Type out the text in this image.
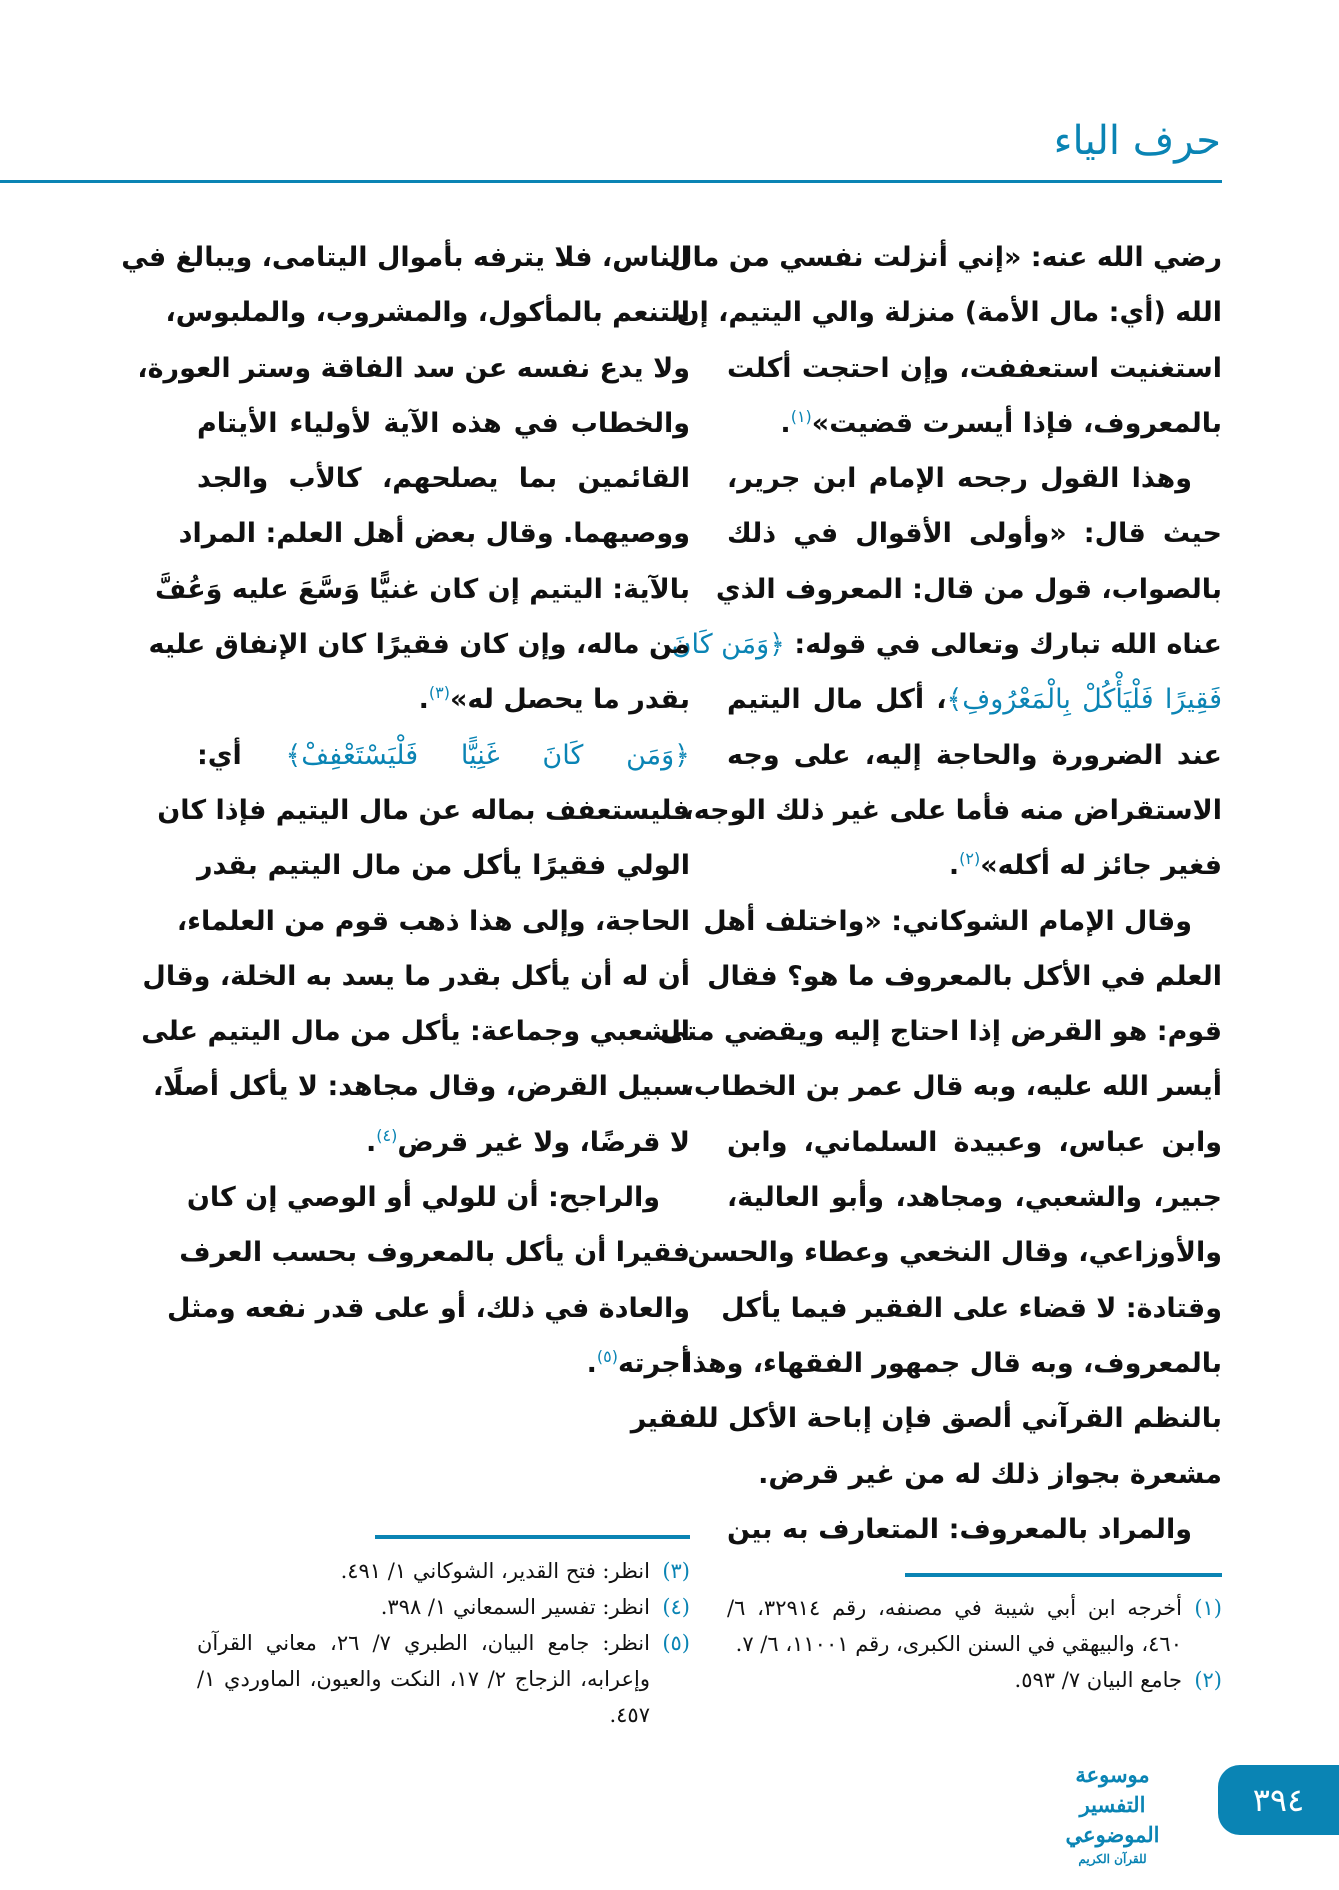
حرف الياء
رضي الله عنه: «إني أنزلت نفسي من مال
الله (أي: مال الأمة) منزلة والي اليتيم، إن
استغنيت استعففت، وإن احتجت أكلت
بالمعروف، فإذا أيسرت قضيت»$^{(١)}$.
وهذا القول رجحه الإمام ابن جرير،
حيث قال: «وأولى الأقوال في ذلك
بالصواب، قول من قال: المعروف الذي
عناه الله تبارك وتعالى في قوله: ﴿وَمَن كَانَ
فَقِيرًا فَلْيَأْكُلْ بِالْمَعْرُوفِ﴾، أكل مال اليتيم
عند الضرورة والحاجة إليه، على وجه
الاستقراض منه فأما على غير ذلك الوجه،
فغير جائز له أكله»$^{(٢)}$.
وقال الإمام الشوكاني: «واختلف أهل
العلم في الأكل بالمعروف ما هو؟ فقال
قوم: هو القرض إذا احتاج إليه ويقضي متى
أيسر الله عليه، وبه قال عمر بن الخطاب،
وابن عباس، وعبيدة السلماني، وابن
جبير، والشعبي، ومجاهد، وأبو العالية،
والأوزاعي، وقال النخعي وعطاء والحسن
وقتادة: لا قضاء على الفقير فيما يأكل
بالمعروف، وبه قال جمهور الفقهاء، وهذا
بالنظم القرآني ألصق فإن إباحة الأكل للفقير
مشعرة بجواز ذلك له من غير قرض.
والمراد بالمعروف: المتعارف به بين
الناس، فلا يترفه بأموال اليتامى، ويبالغ في
التنعم بالمأكول، والمشروب، والملبوس،
ولا يدع نفسه عن سد الفاقة وستر العورة،
والخطاب في هذه الآية لأولياء الأيتام
القائمين بما يصلحهم، كالأب والجد
ووصيهما. وقال بعض أهل العلم: المراد
بالآية: اليتيم إن كان غنيًّا وَسَّعَ عليه وَعُفَّ
من ماله، وإن كان فقيرًا كان الإنفاق عليه
بقدر ما يحصل له»$^{(٣)}$.
﴿وَمَن كَانَ غَنِيًّا فَلْيَسْتَعْفِفْ﴾ أي:
فليستعفف بماله عن مال اليتيم فإذا كان
الولي فقيرًا يأكل من مال اليتيم بقدر
الحاجة، وإلى هذا ذهب قوم من العلماء،
أن له أن يأكل بقدر ما يسد به الخلة، وقال
الشعبي وجماعة: يأكل من مال اليتيم على
سبيل القرض، وقال مجاهد: لا يأكل أصلًا،
لا قرضًا، ولا غير قرض$^{(٤)}$.
والراجح: أن للولي أو الوصي إن كان
فقيرا أن يأكل بالمعروف بحسب العرف
والعادة في ذلك، أو على قدر نفعه ومثل
أجرته$^{(٥)}$.
(١)
أخرجه ابن أبي شيبة في مصنفه، رقم ٣٢٩١٤، ٦/ ٤٦٠، والبيهقي في السنن الكبرى، رقم ١١٠٠١، ٦/ ٧.
(٢)
جامع البيان ٧/ ٥٩٣.
(٣)
انظر: فتح القدير، الشوكاني ١/ ٤٩١.
(٤)
انظر: تفسير السمعاني ١/ ٣٩٨.
(٥)
انظر: جامع البيان، الطبري ٧/ ٢٦، معاني القرآن وإعرابه، الزجاج ٢/ ١٧، النكت والعيون، الماوردي ١/ ٤٥٧.
موسوعة التفسير الموضوعي
للقرآن الكريم
٣٩٤
